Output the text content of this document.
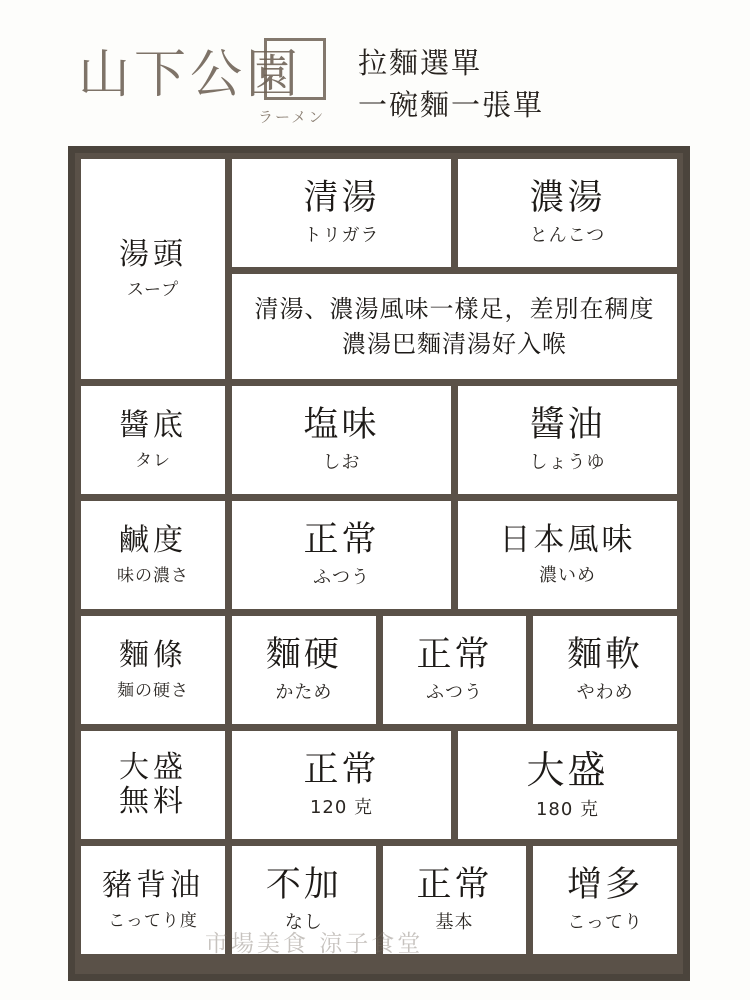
山下公園
ラーメン
拉麵選單
一碗麵一張單
湯頭
スープ
清湯
トリガラ
濃湯
とんこつ
清湯、濃湯風味一樣足，差別在稠度
濃湯巴麵清湯好入喉
醬底
タレ
塩味
しお
醬油
しょうゆ
鹹度
味の濃さ
正常
ふつう
日本風味
濃いめ
麵條
麺の硬さ
麵硬
かため
正常
ふつう
麵軟
やわめ
大盛
無料
正常
120 克
大盛
180 克
豬背油
こってり度
不加
なし
正常
基本
增多
こってり
市場美食 涼子食堂
